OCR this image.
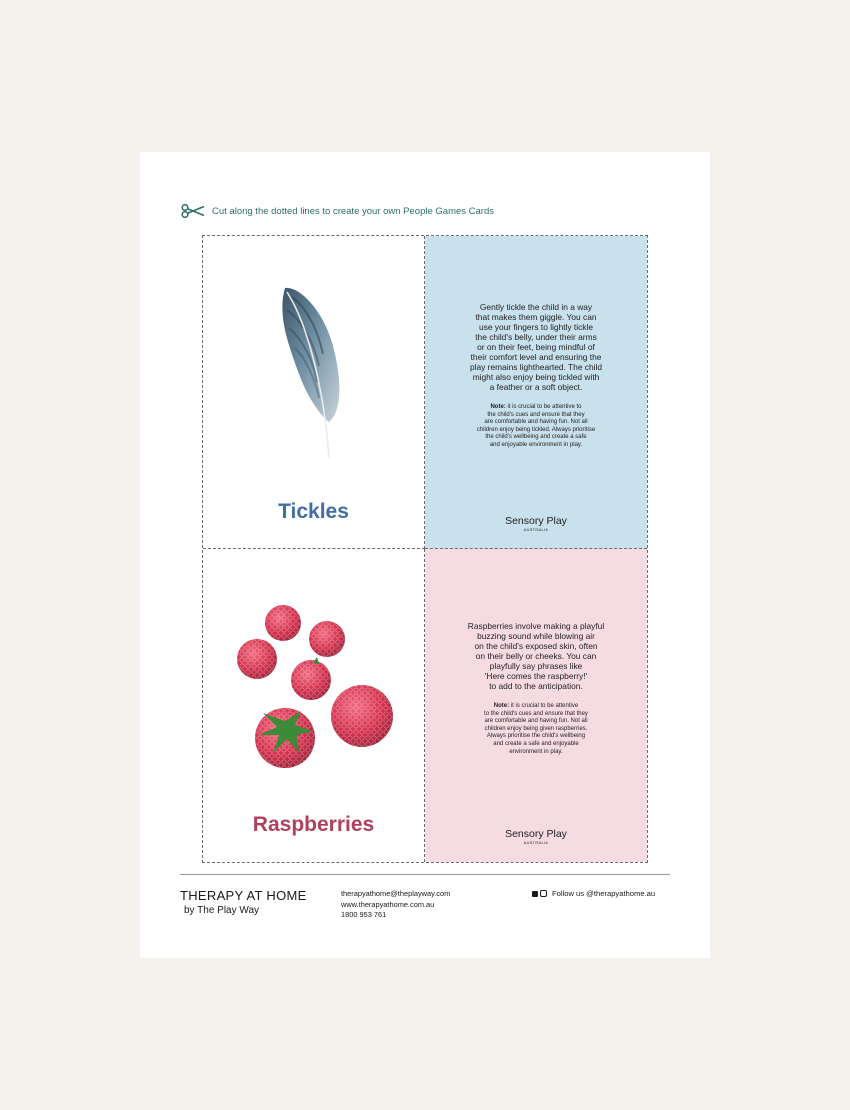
Cut along the dotted lines to create your own People Games Cards
Tickles
Gently tickle the child in a way
that makes them giggle. You can
use your fingers to lightly tickle
the child's belly, under their arms
or on their feet, being mindful of
their comfort level and ensuring the
play remains lighthearted. The child
might also enjoy being tickled with
a feather or a soft object.
Note: it is crucial to be attentive to
the child's cues and ensure that they
are comfortable and having fun. Not all
children enjoy being tickled. Always prioritise
the child's wellbeing and create a safe
and enjoyable environment in play.
Sensory Play
AUSTRALIA
Raspberries
Raspberries involve making a playful
buzzing sound while blowing air
on the child's exposed skin, often
on their belly or cheeks. You can
playfully say phrases like
'Here comes the raspberry!'
to add to the anticipation.
Note: it is crucial to be attentive
to the child's cues and ensure that they
are comfortable and having fun. Not all
children enjoy being given raspberries.
Always prioritise the child's wellbeing
and create a safe and enjoyable
environment in play.
Sensory Play
AUSTRALIA
THERAPY AT HOME
by The Play Way
therapyathome@theplayway.com
www.therapyathome.com.au
1800 953 761
Follow us @therapyathome.au
